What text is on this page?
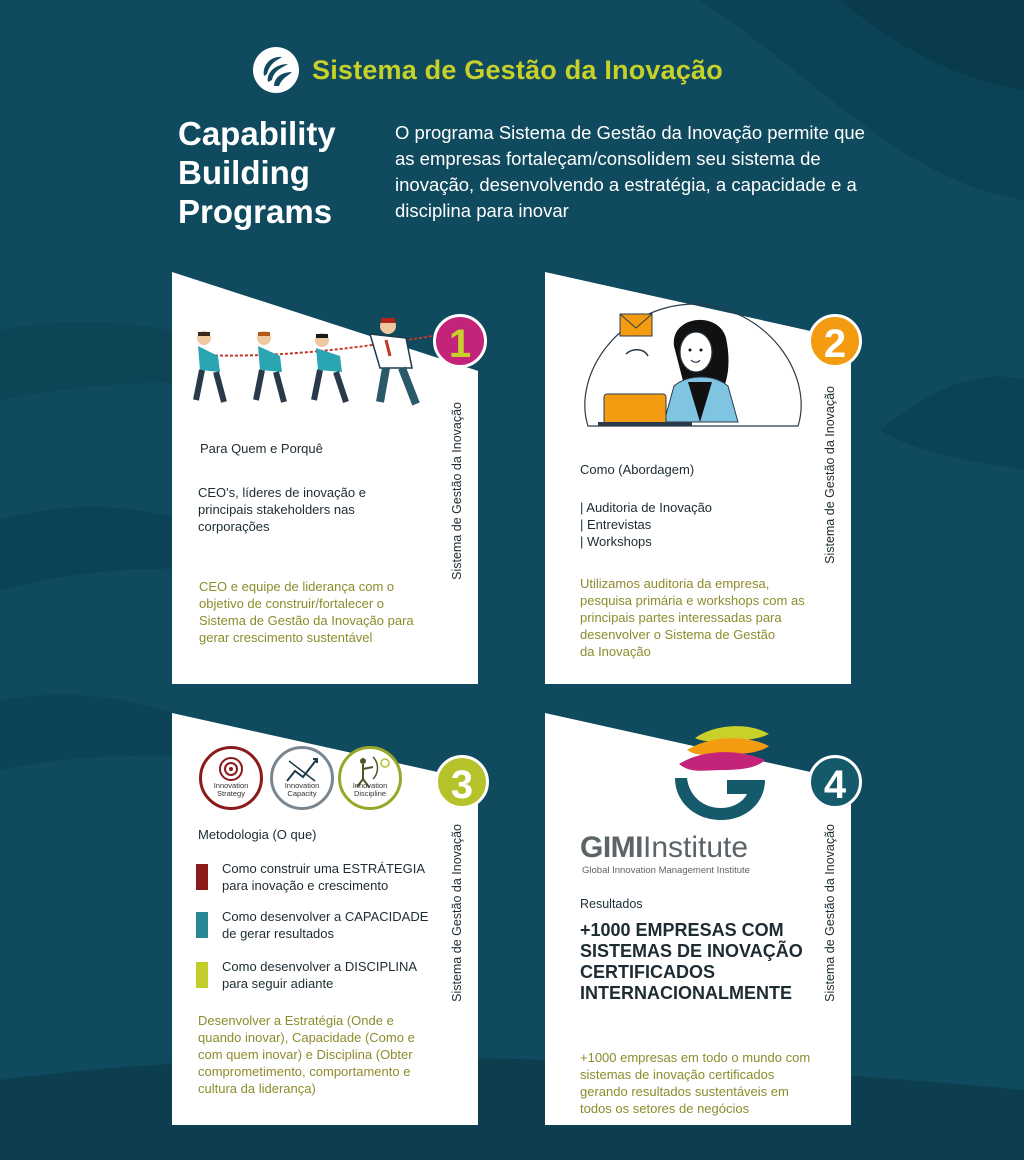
Sistema de Gestão da Inovação
Capability
Building
Programs
O programa Sistema de Gestão da Inovação permite que as empresas fortaleçam/consolidem seu sistema de inovação, desenvolvendo a estratégia, a capacidade e a disciplina para inovar
1
Para Quem e Porquê
CEO's, líderes de inovação e principais stakeholders nas corporações
CEO e equipe de liderança com o objetivo de construir/fortalecer o Sistema de Gestão da Inovação para gerar crescimento sustentável
Sistema de Gestão da Inovação
2
Como (Abordagem)
| Auditoria de Inovação
| Entrevistas
| Workshops
Utilizamos auditoria da empresa,
pesquisa primária e workshops com as
principais partes interessadas para
desenvolver o Sistema de Gestão
da Inovação
Sistema de Gestão da Inovação
3
Innovation
Strategy
Innovation
Capacity
Innovation
Discipline
Metodologia (O que)
Como construir uma ESTRÁTEGIA para inovação e crescimento
Como desenvolver a CAPACIDADE de gerar resultados
Como desenvolver a DISCIPLINA para seguir adiante
Desenvolver a Estratégia (Onde e quando inovar), Capacidade (Como e com quem inovar) e Disciplina (Obter comprometimento, comportamento e cultura da liderança)
Sistema de Gestão da Inovação
4
GIMIInstitute
Global Innovation Management Institute
Resultados
+1000 EMPRESAS COM SISTEMAS DE INOVAÇÃO CERTIFICADOS INTERNACIONALMENTE
+1000 empresas em todo o mundo com sistemas de inovação certificados gerando resultados sustentáveis em todos os setores de negócios
Sistema de Gestão da Inovação
